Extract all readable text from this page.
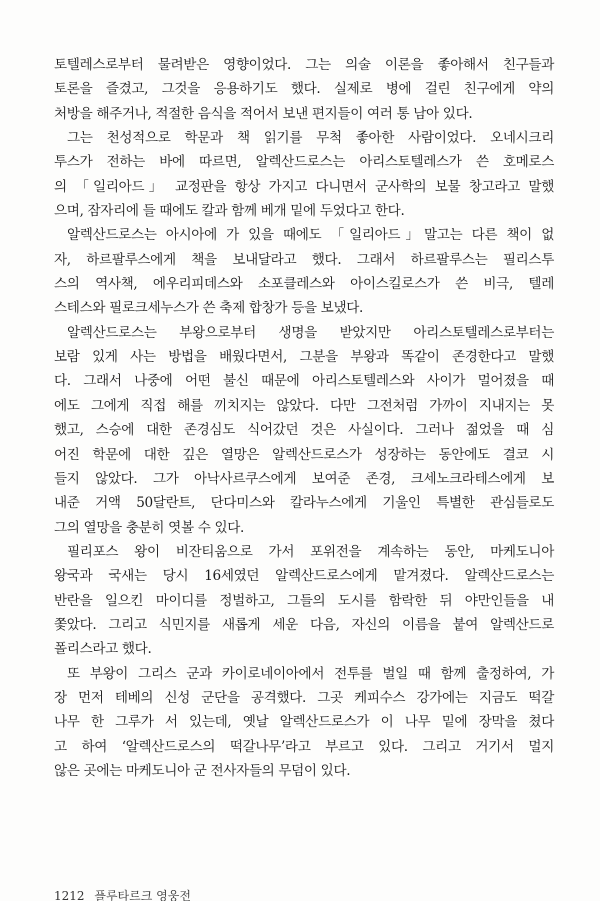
토텔레스로부터 물려받은 영향이었다. 그는 의술 이론을 좋아해서 친구들과
토론을 즐겼고, 그것을 응용하기도 했다. 실제로 병에 걸린 친구에게 약의
처방을 해주거나, 적절한 음식을 적어서 보낸 편지들이 여러 통 남아 있다.

그는 천성적으로 학문과 책 읽기를 무척 좋아한 사람이었다. 오네시크리
투스가 전하는 바에 따르면, 알렉산드로스는 아리스토텔레스가 쓴 호메로스
의 「일리아드」 교정판을 항상 가지고 다니면서 군사학의 보물 창고라고 말했
으며, 잠자리에 들 때에도 칼과 함께 베개 밑에 두었다고 한다.

알렉산드로스는 아시아에 가 있을 때에도 「일리아드」말고는 다른 책이 없
자, 하르팔루스에게 책을 보내달라고 했다. 그래서 하르팔루스는 필리스투
스의 역사책, 에우리피데스와 소포클레스와 아이스킬로스가 쓴 비극, 텔레
스테스와 필로크세누스가 쓴 축제 합창가 등을 보냈다.

알렉산드로스는 부왕으로부터 생명을 받았지만 아리스토텔레스로부터는
보람 있게 사는 방법을 배웠다면서, 그분을 부왕과 똑같이 존경한다고 말했
다. 그래서 나중에 어떤 불신 때문에 아리스토텔레스와 사이가 멀어졌을 때
에도 그에게 직접 해를 끼치지는 않았다. 다만 그전처럼 가까이 지내지는 못
했고, 스승에 대한 존경심도 식어갔던 것은 사실이다. 그러나 젊었을 때 심
어진 학문에 대한 깊은 열망은 알렉산드로스가 성장하는 동안에도 결코 시
들지 않았다. 그가 아낙사르쿠스에게 보여준 존경, 크세노크라테스에게 보
내준 거액 50달란트, 단다미스와 칼라누스에게 기울인 특별한 관심들로도
그의 열망을 충분히 엿볼 수 있다.

필리포스 왕이 비잔티움으로 가서 포위전을 계속하는 동안, 마케도니아
왕국과 국새는 당시 16세였던 알렉산드로스에게 맡겨졌다. 알렉산드로스는
반란을 일으킨 마이디를 정벌하고, 그들의 도시를 함락한 뒤 야만인들을 내
쫓았다. 그리고 식민지를 새롭게 세운 다음, 자신의 이름을 붙여 알렉산드로
폴리스라고 했다.

또 부왕이 그리스 군과 카이로네이아에서 전투를 벌일 때 함께 출정하여, 가
장 먼저 테베의 신성 군단을 공격했다. 그곳 케피수스 강가에는 지금도 떡갈
나무 한 그루가 서 있는데, 옛날 알렉산드로스가 이 나무 밑에 장막을 쳤다
고 하여 ‘알렉산드로스의 떡갈나무’라고 부르고 있다. 그리고 거기서 멀지
않은 곳에는 마케도니아 군 전사자들의 무덤이 있다.

1212 플루타르크 영웅전
